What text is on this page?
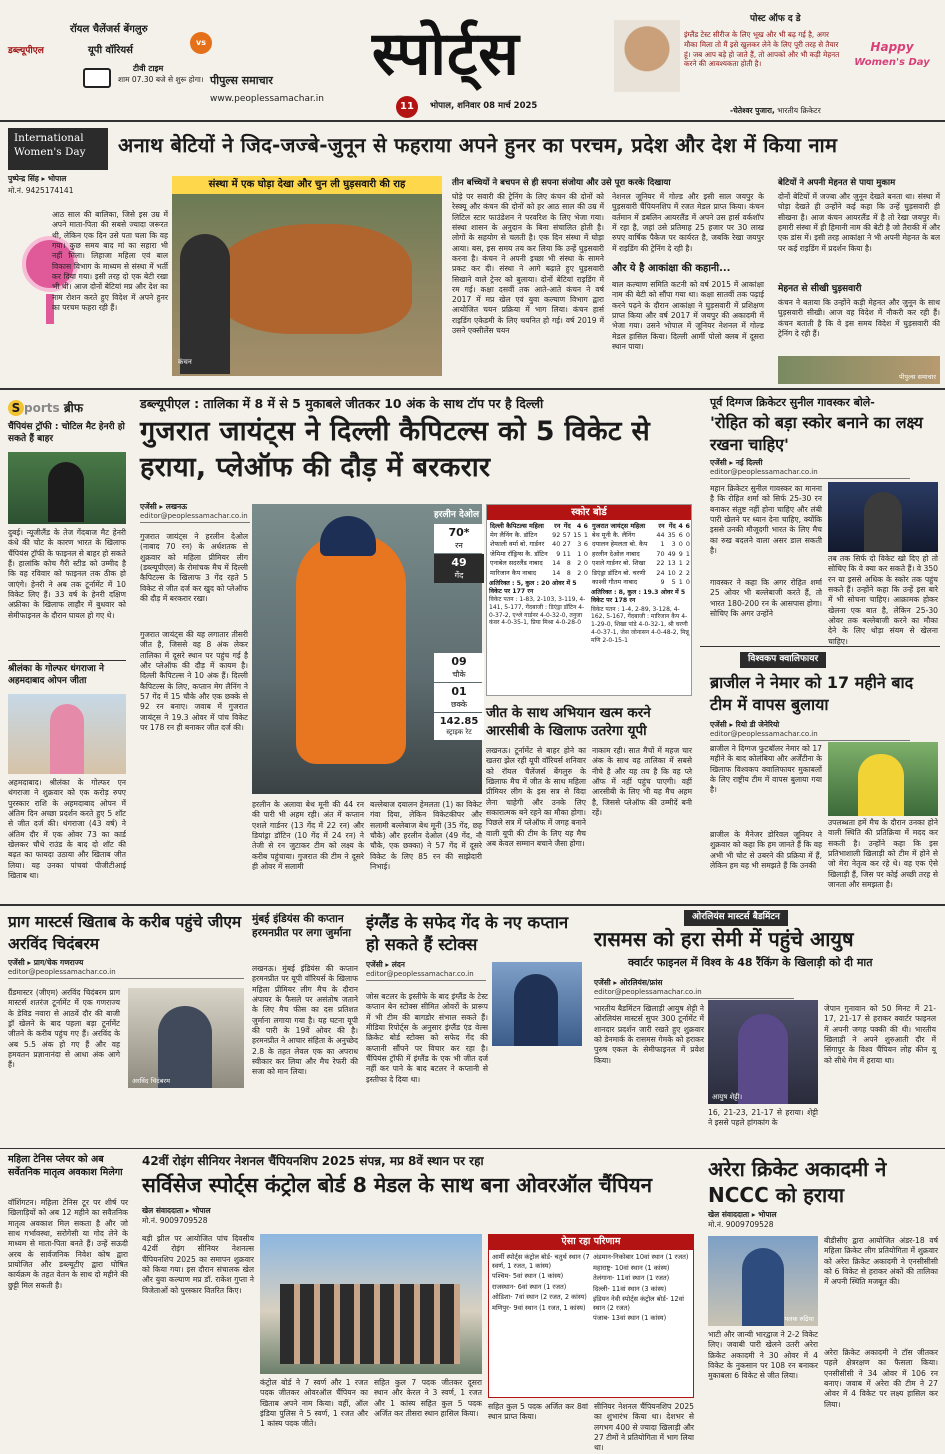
डब्ल्यूपीएल
रॉयल चैलेंजर्स बेंगलुरु
vs
यूपी वॉरियर्स
टीवी टाइम
शाम 07.30 बजे से शुरू होगा। पीपुल्स समाचार
www.peoplessamachar.in
स्पोर्ट्स
11	भोपाल, शनिवार 08 मार्च 2025
पोस्ट ऑफ द डे
इंग्लैंड टेस्ट सीरीज के लिए भूख और भी बढ़ गई है, अगर मौका मिला तो मैं इसे खुलकर लेने के लिए पूरी तरह से तैयार हूं। जब आप बड़े हो जाते हैं, तो आपको और भी कड़ी मेहनत करने की आवश्यकता होती है।
-चेतेश्वर पुजारा, भारतीय क्रिकेटर
Happy
Women's Day
International
Women's Day	अनाथ बेटियों ने जिद-जज्बे-जुनून से फहराया अपने हुनर का परचम, प्रदेश और देश में किया नाम
पुष्पेन्द्र सिंह ▸ भोपाल
मो.नं. 9425174141
आठ साल की बालिका, जिसे इस उम्र में अपने माता-पिता की सबसे ज्यादा जरूरत थी, लेकिन एक दिन उसे पता चला कि वह गया। कुछ समय बाद मां का सहारा भी नहीं मिला। लिहाजा महिला एवं बाल विकास विभाग के माध्यम से संस्था में भर्ती कर दिया गया। इसी तरह दो एक बेटी रखा भी थी। आज दोनों बेटियां मप्र और देश का नाम रोशन करते हुए विदेश में अपने हुनर का परचम फहरा रही हैं।
संस्था में एक घोड़ा देखा और चुन ली घुड़सवारी की राह
कंचन
तीन बच्चियों ने बचपन से ही सपना संजोया और उसे पूरा करके दिखाया
घोड़े पर सवारी की ट्रेनिंग के लिए कंचन की दोनों को रेस्क्यू और कंचन की दोनों को हर आठ साल की उम्र में लिटिल स्टार फाउंडेशन ने परवरिश के लिए भेजा गया। संस्था शासन के अनुदान के बिना संचालित होती है। लोगों के सहयोग से चलती है। एक दिन संस्था में घोड़ा आया। बस, इस समय तय कर लिया कि उन्हें घुड़सवारी करना है। कंचन ने अपनी इच्छा भी संस्था के सामने प्रकट कर दी। संस्था ने आगे बढ़ाते हुए घुड़सवारी सिखाने वाले ट्रेनर को बुलाया। दोनों बेटियां राइडिंग में रम गई। कक्षा दसवीं तक आते-आते कंचन ने वर्ष 2017 में मप्र खेल एवं युवा कल्याण विभाग द्वारा आयोजित चयन प्रक्रिया में भाग लिया। कंचन हार्स राइडिंग एकेडमी के लिए चयनित हो गई। वर्ष 2019 में उसने एक्सीलेंस चयन
नेशनल जूनियर में गोल्ड और इसी साल जयपुर के घुड़सवारी चैंपियनशिप में रजत मेडल प्राप्त किया। कंचन वर्तमान में डबलिन आयरलैंड में अपने उस हार्स वर्कशॉप में रहा है, जहां उसे प्रतिमाह 25 हजार पर 30 लाख रुपए वार्षिक पैकेज पर कार्यरत है, जबकि रेखा जयपुर में राइडिंग की ट्रेनिंग दे रही है।
और ये है आकांक्षा की कहानी...
बाल कल्याण समिति कटनी को वर्ष 2015 में आकांक्षा नाम की बेटी को सौंपा गया था। कक्षा सातवीं तक पढ़ाई करने पढ़ने के दौरान आकांक्षा ने घुड़सवारी में प्रशिक्षण प्राप्त किया और वर्ष 2017 में जयपुर की अकादमी में भेजा गया। उसने भोपाल में जूनियर नेशनल में गोल्ड मेडल हासिल किया। दिल्ली आर्मी पोलो क्लब में दूसरा स्थान पाया।
बेटियों ने अपनी मेहनत से पाया मुकाम
दोनों बेटियों में जज्बा और जुनून देखते बनता था। संस्था में घोड़ा देखते ही उन्होंने कई कहा कि उन्हें घुड़सवारी ही सीखना है। आज कंचन आयरलैंड में है तो रेखा जयपुर में। हमारी संस्था में ही हिमानी नाम की बेटी है जो तैराकी में और एक डांस में। इसी तरह आकांक्षा ने भी अपनी मेहनत के बल पर कई राइडिंग में प्रदर्शन किया है।
मेहनत से सीखी घुड़सवारी
कंचन ने बताया कि उन्होंने कड़ी मेहनत और जुनून के साथ घुड़सवारी सीखी। आज वह विदेश में नौकरी कर रही हैं। कंचन बताती है कि वे इस समय विदेश में घुड़सवारी की ट्रेनिंग दे रही हैं।
पीपुल्स समाचार
S ports ब्रीफ
चैंपियंस ट्रॉफी : चोटिल मैट हेनरी हो सकते हैं बाहर
दुबई। न्यूजीलैंड के तेज गेंदबाज मैट हेनरी कंधे की चोट के कारण भारत के खिलाफ चैंपियंस ट्रॉफी के फाइनल से बाहर हो सकते हैं। हालांकि कोच गैरी स्टीड को उम्मीद है कि वह रविवार को फाइनल तक ठीक हो जाएंगे। हेनरी ने अब तक टूर्नामेंट में 10 विकेट लिए हैं। 33 वर्ष के हेनरी दक्षिण अफ्रीका के खिलाफ लाहौर में बुधवार को सेमीफाइनल के दौरान घायल हो गए थे।
श्रीलंका के गोल्फर धंगराजा ने अहमदाबाद ओपन जीता
अहमदाबाद। श्रीलंका के गोल्फर एन थंगराजा ने शुक्रवार को एक करोड़ रुपए पुरस्कार राशि के अहमदाबाद ओपन में अंतिम दिन अच्छा प्रदर्शन करते हुए 5 शॉट से जीत दर्ज की। थंगराजा (43 वर्ष) ने अंतिम दौर में एक ओवर 73 का कार्ड खेलकर चौथे राउंड के बाद दो शॉट की बढ़त का फायदा उठाया और खिताब जीत लिया। यह उनका पांचवां पीजीटीआई खिताब था।
डब्ल्यूपीएल : तालिका में 8 में से 5 मुकाबले जीतकर 10 अंक के साथ टॉप पर है दिल्ली
गुजरात जायंट्स ने दिल्ली कैपिटल्स को 5 विकेट से हराया, प्लेऑफ की दौड़ में बरकरार
एजेंसी ▸ लखनऊ
editor@peoplessamachar.co.in
गुजरात जायंट्स ने हरलीन देओल (नाबाद 70 रन) के अर्धशतक से शुक्रवार को महिला प्रीमियर लीग (डब्ल्यूपीएल) के रोमांचक मैच में दिल्ली कैपिटल्स के खिलाफ 3 गेंद रहते 5 विकेट से जीत दर्ज कर खुद को प्लेऑफ की दौड़ में बरकरार रखा।
गुजरात जायंट्स की यह लगातार तीसरी जीत है, जिससे वह 8 अंक लेकर तालिका में दूसरे स्थान पर पहुंच गई है और प्लेऑफ की दौड़ में कायम है। दिल्ली कैपिटल्स ने 10 अंक हैं। दिल्ली कैपिटल्स के लिए, कप्तान मेग लैनिंग ने 57 गेंद में 15 चौके और एक छक्के से 92 रन बनाए। जवाब में गुजरात जायंट्स ने 19.3 ओवर में पांच विकेट पर 178 रन ही बनाकर जीत दर्ज की।
हरलीन देओल
70*
रन
49
गेंद
09
चौके
01
छक्के
142.85
स्ट्राइक रेट
हरलीन के अलावा बेथ मूनी की 44 रन की पारी भी अहम रही। अंत में कप्तान एशले गार्डनर (13 गेंद में 22 रन) और डियांड्रा डॉटिन (10 गेंद में 24 रन) ने तेजी से रन जुटाकर टीम को लक्ष्य के करीब पहुंचाया। गुजरात की टीम ने दूसरे ही ओवर में सलामी
बल्लेबाज दयालन हेमलता (1) का विकेट गंवा दिया, लेकिन विकेटकीपर और सलामी बल्लेबाज बेथ मूनी (35 गेंद, छह चौके) और हरलीन देओल (49 गेंद, नौ चौके, एक छक्का) ने 57 गेंद में दूसरे विकेट के लिए 85 रन की साझेदारी निभाई।
स्कोर बोर्ड
दिल्ली कैपिटल्स महिला	रन	गेंद	4	6
मेग लैनिंग कै. डॉटिन	92	57	15	1
शेफाली वर्मा बो. गार्डनर	40	27	3	6
जेमिमा रॉड्रिग्स कै. डॉटिन	9	11	1	0
एनाबेल सदरलैंड नाबाद	14	8	2	0
मारिजान कैप नाबाद	14	8	2	0
अतिरिक्त : 5, कुल : 20 ओवर में 5 विकेट पर 177 रन
विकेट पतन : 1-83, 2-103, 3-119, 4-141, 5-177, गेंदबाजी : डिएंड्रा डॉटिन 4-0-37-2, एश्ले गार्डनर 4-0-32-0, तनुजा कंवर 4-0-35-1, प्रिया मिश्रा 4-0-28-0
गुजरात जायंट्स महिला	रन	गेंद	4	6
बेथ मूनी कै. लैनिंग	44	35	6	0
दयालन हेमलता बो. कैप	1	3	0	0
हरलीन देओल नाबाद	70	49	9	1
एशले गार्डनर बो. शिखा	22	13	1	2
डिएंड्रा डॉटिन बो. चरणी	24	10	2	2
काश्वी गौतम नाबाद	9	5	1	0
अतिरिक्त : 8, कुल : 19.3 ओवर में 5 विकेट पर 178 रन
विकेट पतन : 1-4, 2-89, 3-128, 4-162, 5-167, गेंदबाजी : मारिजान कैप 4-1-29-0, शिखा पांडे 4-0-32-1, श्री चरणी 4-0-37-1, जेस जोनासन 4-0-48-2, मिन्नू मणि 2-0-15-1
जीत के साथ अभियान खत्म करने आरसीबी के खिलाफ उतरेगा यूपी
लखनऊ। टूर्नामेंट से बाहर होने का खतरा झेल रही यूपी वॉरियर्स शनिवार को रॉयल चैलेंजर्स बेंगलुरु के खिलाफ मैच में जीत के साथ महिला प्रीमियर लीग के इस सत्र से विदा लेना चाहेगी और उनके लिए सकारात्मक बने रहने का मौका होगा। पिछले सत्र में प्लेऑफ में जगह बनाने वाली यूपी की टीम के लिए यह मैच अब केवल सम्मान बचाने जैसा होगा।
नाकाम रही। सात मैचों में महज चार अंक के साथ वह तालिका में सबसे नीचे है और यह तय है कि वह प्ले ऑफ में नहीं पहुंच पाएगी। वहीं आरसीबी के लिए भी यह मैच अहम है, जिससे प्लेऑफ की उम्मीदें बनी रहें।
पूर्व दिग्गज क्रिकेटर सुनील गावस्कर बोले-
'रोहित को बड़ा स्कोर बनाने का लक्ष्य रखना चाहिए'
एजेंसी ▸ नई दिल्ली
editor@peoplessamachar.co.in
महान क्रिकेटर सुनील गावस्कर का मानना है कि रोहित शर्मा को सिर्फ 25-30 रन बनाकर संतुष्ट नहीं होना चाहिए और लंबी पारी खेलने पर ध्यान देना चाहिए, क्योंकि इससे उनकी मौजूदगी भारत के लिए मैच का रुख बदलने वाला असर डाल सकती है।
तब तक सिर्फ दो विकेट खो दिए हो तो सोचिए कि वे क्या कर सकते हैं। वे 350 रन या इससे अधिक के स्कोर तक पहुंच सकते हैं। उन्होंने कहा कि उन्हें इस बारे में भी सोचना चाहिए। आक्रामक होकर खेलना एक बात है, लेकिन 25-30 ओवर तक बल्लेबाजी करने का मौका देने के लिए थोड़ा संयम से खेलना चाहिए।
गावस्कर ने कहा कि अगर रोहित शर्मा 25 ओवर भी बल्लेबाजी करते हैं, तो भारत 180-200 रन के आसपास होगा। सोचिए कि अगर उन्होंने
विश्वकप क्वालिफायर
ब्राजील ने नेमार को 17 महीने बाद टीम में वापस बुलाया
एजेंसी ▸ रियो डी जेनेरियो
editor@peoplessamachar.co.in
ब्राजील ने दिग्गज फुटबॉलर नेमार को 17 महीने के बाद कोलंबिया और अर्जेंटीना के खिलाफ विश्वकप क्वालिफायर मुकाबलों के लिए राष्ट्रीय टीम में वापस बुलाया गया है।
ब्राजील के मैनेजर डोरिवल जूनियर ने शुक्रवार को कहा कि हम जानते हैं कि वह अभी भी चोट से उबरने की प्रक्रिया में हैं, लेकिन हम यह भी समझते हैं कि उनकी
उपलब्धता हमें मैच के दौरान उनका होने वाली स्थिति की प्रतिक्रिया में मदद कर सकती है। उन्होंने कहा कि इस प्रतिभाशाली खिलाड़ी को टीम में होने से जो मेरा नेतृत्व कर रहे थे। वह एक ऐसे खिलाड़ी हैं, जिस पर कोई अच्छी तरह से जानता और समझता है।
प्राग मास्टर्स खिताब के करीब पहुंचे जीएम अरविंद चिदंबरम
एजेंसी ▸ प्राग/चेक गणराज्य
editor@peoplessamachar.co.in
ग्रैंडमास्टर (जीएम) अरविंद चिदंबरम प्राग मास्टर्स शतरंज टूर्नामेंट में एक गणराज्य के डेविड नवारा से आठवें दौर की बाजी ड्रॉ खेलने के बाद पहला बड़ा टूर्नामेंट जीतने के करीब पहुंच गए हैं। अरविंद के अब 5.5 अंक हो गए हैं और वह हमवतन प्रज्ञानानंदा से आधा अंक आगे हैं।
अरविंद चिदंबरम
मुंबई इंडियंस की कप्तान हरमनप्रीत पर लगा जुर्माना
लखनऊ। मुंबई इंडियंस की कप्तान हरमनप्रीत पर यूपी वॉरियर्स के खिलाफ महिला प्रीमियर लीग मैच के दौरान अंपायर के फैसले पर असंतोष जताने के लिए मैच फीस का दस प्रतिशत जुर्माना लगाया गया है। यह घटना यूपी की पारी के 19वें ओवर की है। हरमनप्रीत ने आचार संहिता के अनुच्छेद 2.8 के तहत लेवल एक का अपराध स्वीकार कर लिया और मैच रेफरी की सजा को मान लिया।
इंग्लैंड के सफेद गेंद के नए कप्तान हो सकते हैं स्टोक्स
एजेंसी ▸ लंदन
editor@peoplessamachar.co.in
जोस बटलर के इस्तीफे के बाद इंग्लैंड के टेस्ट कप्तान बेन स्टोक्स सीमित ओवरों के प्रारूप में भी टीम की बागडोर संभाल सकते हैं। मीडिया रिपोर्ट्स के अनुसार इंग्लैंड एंड वेल्स क्रिकेट बोर्ड स्टोक्स को सफेद गेंद की कप्तानी सौंपने पर विचार कर रहा है। चैंपियंस ट्रॉफी में इंग्लैंड के एक भी जीत दर्ज नहीं कर पाने के बाद बटलर ने कप्तानी से इस्तीफा दे दिया था।
ओरलियंस मास्टर्स बैडमिंटन
रासमस को हरा सेमी में पहुंचे आयुष
क्वार्टर फाइनल में विश्व के 48 रैंकिंग के खिलाड़ी को दी मात
एजेंसी ▸ ओरलियंस/फ्रांस
editor@peoplessamachar.co.in
भारतीय बैडमिंटन खिलाड़ी आयुष शेट्टी ने ओरलियंस मास्टर्स सुपर 300 टूर्नामेंट में शानदार प्रदर्शन जारी रखते हुए शुक्रवार को डेनमार्क के रासमस गेमके को हराकर पुरुष एकल के सेमीफाइनल में प्रवेश किया।
आयुष शेट्टी।
16, 21-23, 21-17 से हराया। शेट्टी ने इससे पहले हांगकांग के
जेपान गुनावान को 50 मिनट में 21-17, 21-17 से हराकर क्वार्टर फाइनल में अपनी जगह पक्की की थी। भारतीय खिलाड़ी ने अपने शुरुआती दौर में सिंगापुर के विश्व चैंपियन लोह कीन यू को सीधे गेम में हराया था।
महिला टेनिस प्लेयर को अब सर्वेतनिक मातृत्व अवकाश मिलेगा
वॉशिंगटन। महिला टेनिस टूर पर शीर्ष पर खिलाड़ियों को अब 12 महीने का सवैतनिक मातृत्व अवकाश मिल सकता है और जो साथ गर्भावस्था, सरोगेसी या गोद लेने के माध्यम से माता-पिता बनते हैं। उन्हें सऊदी अरब के सार्वजनिक निवेश कोष द्वारा प्रायोजित और डब्ल्यूटीए द्वारा घोषित कार्यक्रम के तहत वेतन के साथ दो महीने की छुट्टी मिल सकती है।
42वीं रोइंग सीनियर नेशनल चैंपियनशिप 2025 संपन्न, मप्र 8वें स्थान पर रहा
सर्विसेज स्पोर्ट्स कंट्रोल बोर्ड 8 मेडल के साथ बना ओवरऑल चैंपियन
खेल संवाददाता ▸ भोपाल
मो.नं. 9009709528
बड़ी झील पर आयोजित पांच दिवसीय 42वीं रोइंग सीनियर नेशनल्स चैंपियनशिप 2025 का समापन शुक्रवार को किया गया। इस दौरान संचालक खेल और युवा कल्याण मप्र डॉ. राकेश गुप्ता ने विजेताओं को पुरस्कार वितरित किए।
कंट्रोल बोर्ड ने 7 स्वर्ण और 1 रजत पदक जीतकर ओवरऑल चैंपियन का खिताब अपने नाम किया। वहीं, ऑल इंडिया पुलिस ने 5 स्वर्ण, 1 रजत और 1 कांस्य पदक जीते।
सहित कुल 7 पदक जीतकर दूसरा स्थान और केरल ने 3 स्वर्ण, 1 रजत और 1 कांस्य सहित कुल 5 पदक अर्जित कर तीसरा स्थान हासिल किया।
ऐसा रहा परिणाम
आर्मी स्पोर्ट्स कंट्रोल बोर्ड- चतुर्थ स्थान (7 स्वर्ण, 1 रजत, 1 कांस्य)
पश्चिम- 5वां स्थान (1 कांस्य)
राजस्थान- 6वां स्थान (1 रजत)
ओडिशा- 7वां स्थान (2 रजत, 2 कांस्य)
मणिपुर- 9वां स्थान (1 रजत, 1 कांस्य)
अंडमान-निकोबार 10वां स्थान (1 रजत)
महाराष्ट्र- 10वां स्थान (1 कांस्य)
तेलंगाना- 11वां स्थान (1 रजत)
दिल्ली- 11वां स्थान (3 कांस्य)
इंडियन नेवी स्पोर्ट्स कंट्रोल बोर्ड- 12वां स्थान (2 रजत)
पंजाब- 13वां स्थान (1 कांस्य)
सहित कुल 5 पदक अर्जित कर 8वां स्थान प्राप्त किया।
सीनियर नेशनल चैंपियनशिप 2025 का शुभारंभ किया था। देशभर से लगभग 400 से ज्यादा खिलाड़ी और 27 टीमों ने प्रतियोगिता में भाग लिया था।
अरेरा क्रिकेट अकादमी ने NCCC को हराया
खेल संवाददाता ▸ भोपाल
मो.नं. 9009709528
पलक रुद्रिया
बीडीसीए द्वारा आयोजित अंडर-18 वर्ष महिला क्रिकेट लीग प्रतियोगिता में शुक्रवार को अरेरा क्रिकेट अकादमी ने एनसीसीसी को 6 विकेट से हराकर अंकों की तालिका में अपनी स्थिति मजबूत की।
अरेरा क्रिकेट अकादमी ने टॉस जीतकर पहले क्षेत्ररक्षण का फैसला किया। एनसीसीसी ने 34 ओवर में 106 रन बनाए। जवाब में अरेरा की टीम ने 27 ओवर में 4 विकेट पर लक्ष्य हासिल कर लिया।
भाटी और जान्वी भारद्वाज ने 2-2 विकेट लिए। जवाबी पारी खेलने उतरी अरेरा क्रिकेट अकादमी ने 30 ओवर में 4 विकेट के नुकसान पर 108 रन बनाकर मुकाबला 6 विकेट से जीत लिया।
